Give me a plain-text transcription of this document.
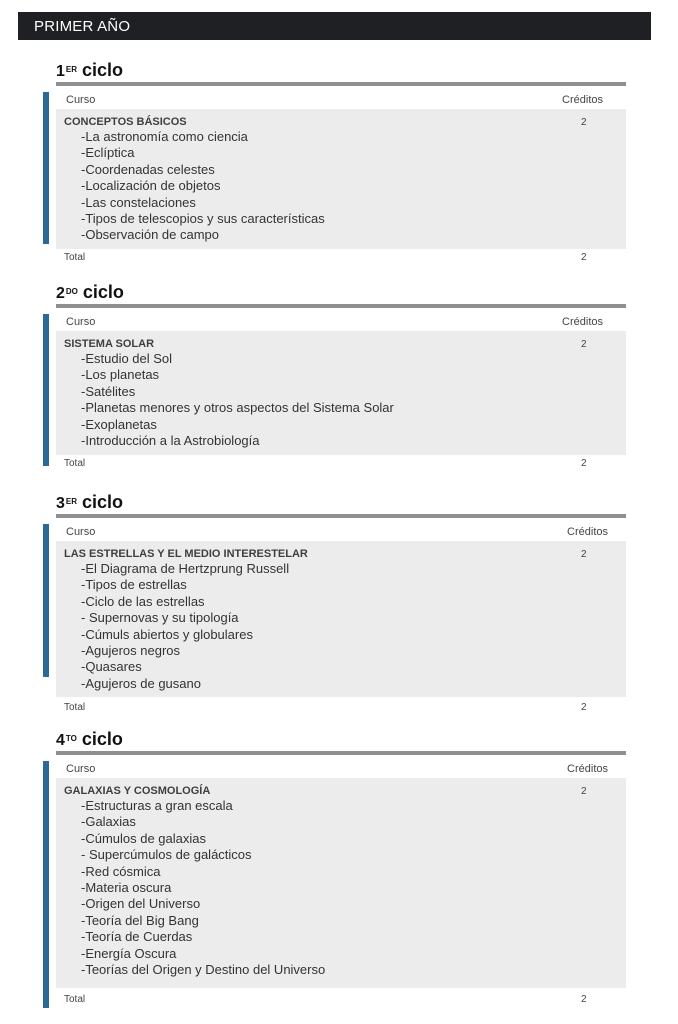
PRIMER AÑO
1ER ciclo
Curso	Créditos
CONCEPTOS BÁSICOS	2
-La astronomía como ciencia
-Eclíptica
-Coordenadas celestes
-Localización de objetos
-Las constelaciones
-Tipos de telescopios y sus características
-Observación de campo
Total	2
$2^{DO}$ ciclo
Curso	Créditos
SISTEMA SOLAR	2
-Estudio del Sol
-Los planetas
-Satélites
-Planetas menores y otros aspectos del Sistema Solar
-Exoplanetas
-Introducción a la Astrobiología
Total	2
3ER ciclo
Curso	Créditos
LAS ESTRELLAS Y EL MEDIO INTERESTELAR	2
-El Diagrama de Hertzprung Russell
-Tipos de estrellas
-Ciclo de las estrellas
- Supernovas y su tipología
-Cúmuls abiertos y globulares
-Agujeros negros
-Quasares
-Agujeros de gusano
Total	2
$4^{TO}$ ciclo
Curso	Créditos
GALAXIAS Y COSMOLOGÍA	2
-Estructuras a gran escala
-Galaxias
-Cúmulos de galaxias
- Supercúmulos de galácticos
-Red cósmica
-Materia oscura
-Origen del Universo
-Teoría del Big Bang
-Teoría de Cuerdas
-Energía Oscura
-Teorías del Origen y Destino del Universo
Total	2
